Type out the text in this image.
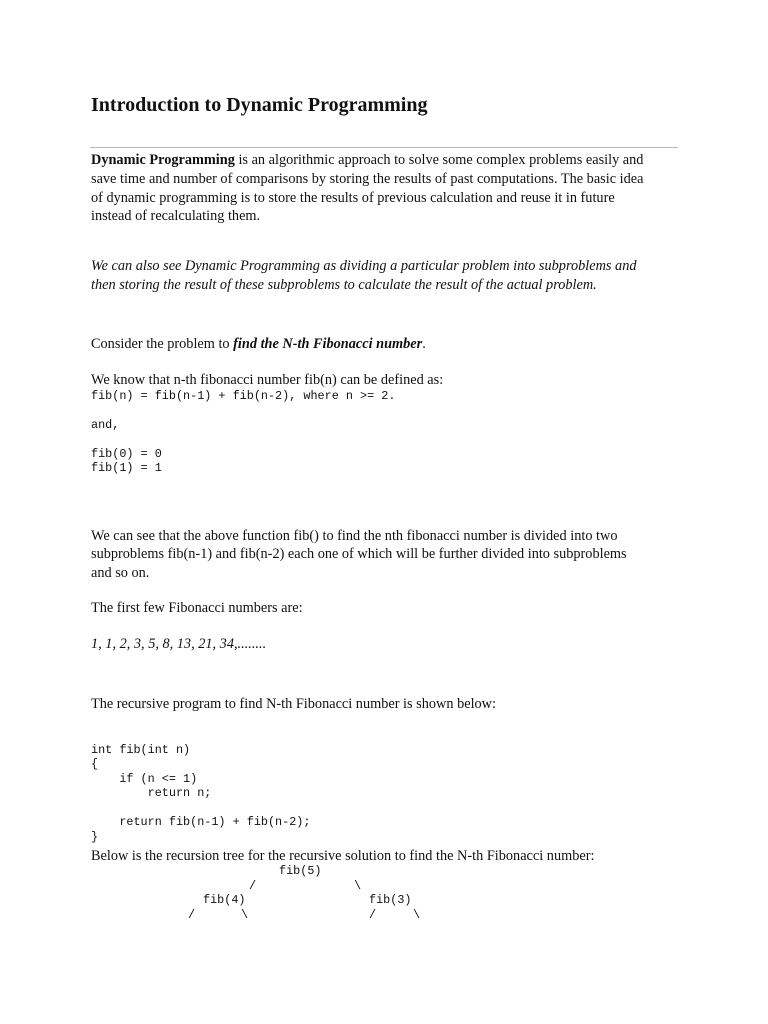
Introduction to Dynamic Programming

Dynamic Programming is an algorithmic approach to solve some complex problems easily and

save time and number of comparisons by storing the results of past computations. The basic idea

of dynamic programming is to store the results of previous calculation and reuse it in future

instead of recalculating them.

We can also see Dynamic Programming as dividing a particular problem into subproblems and

then storing the result of these subproblems to calculate the result of the actual problem.

Consider the problem to find the N-th Fibonacci number.

We know that n-th fibonacci number fib(n) can be defined as:

fib(n) = fib(n-1) + fib(n-2), where n >= 2.

and,

fib(0) = 0

fib(1) = 1

We can see that the above function fib() to find the nth fibonacci number is divided into two

subproblems fib(n-1) and fib(n-2) each one of which will be further divided into subproblems

and so on.

The first few Fibonacci numbers are:

1, 1, 2, 3, 5, 8, 13, 21, 34,........

The recursive program to find N-th Fibonacci number is shown below:

int fib(int n)

{

if (n <= 1)

return n;

return fib(n-1) + fib(n-2);

}

Below is the recursion tree for the recursive solution to find the N-th Fibonacci number:

fib(5)

/	\

fib(4)	fib(3)

/	\	/	\
